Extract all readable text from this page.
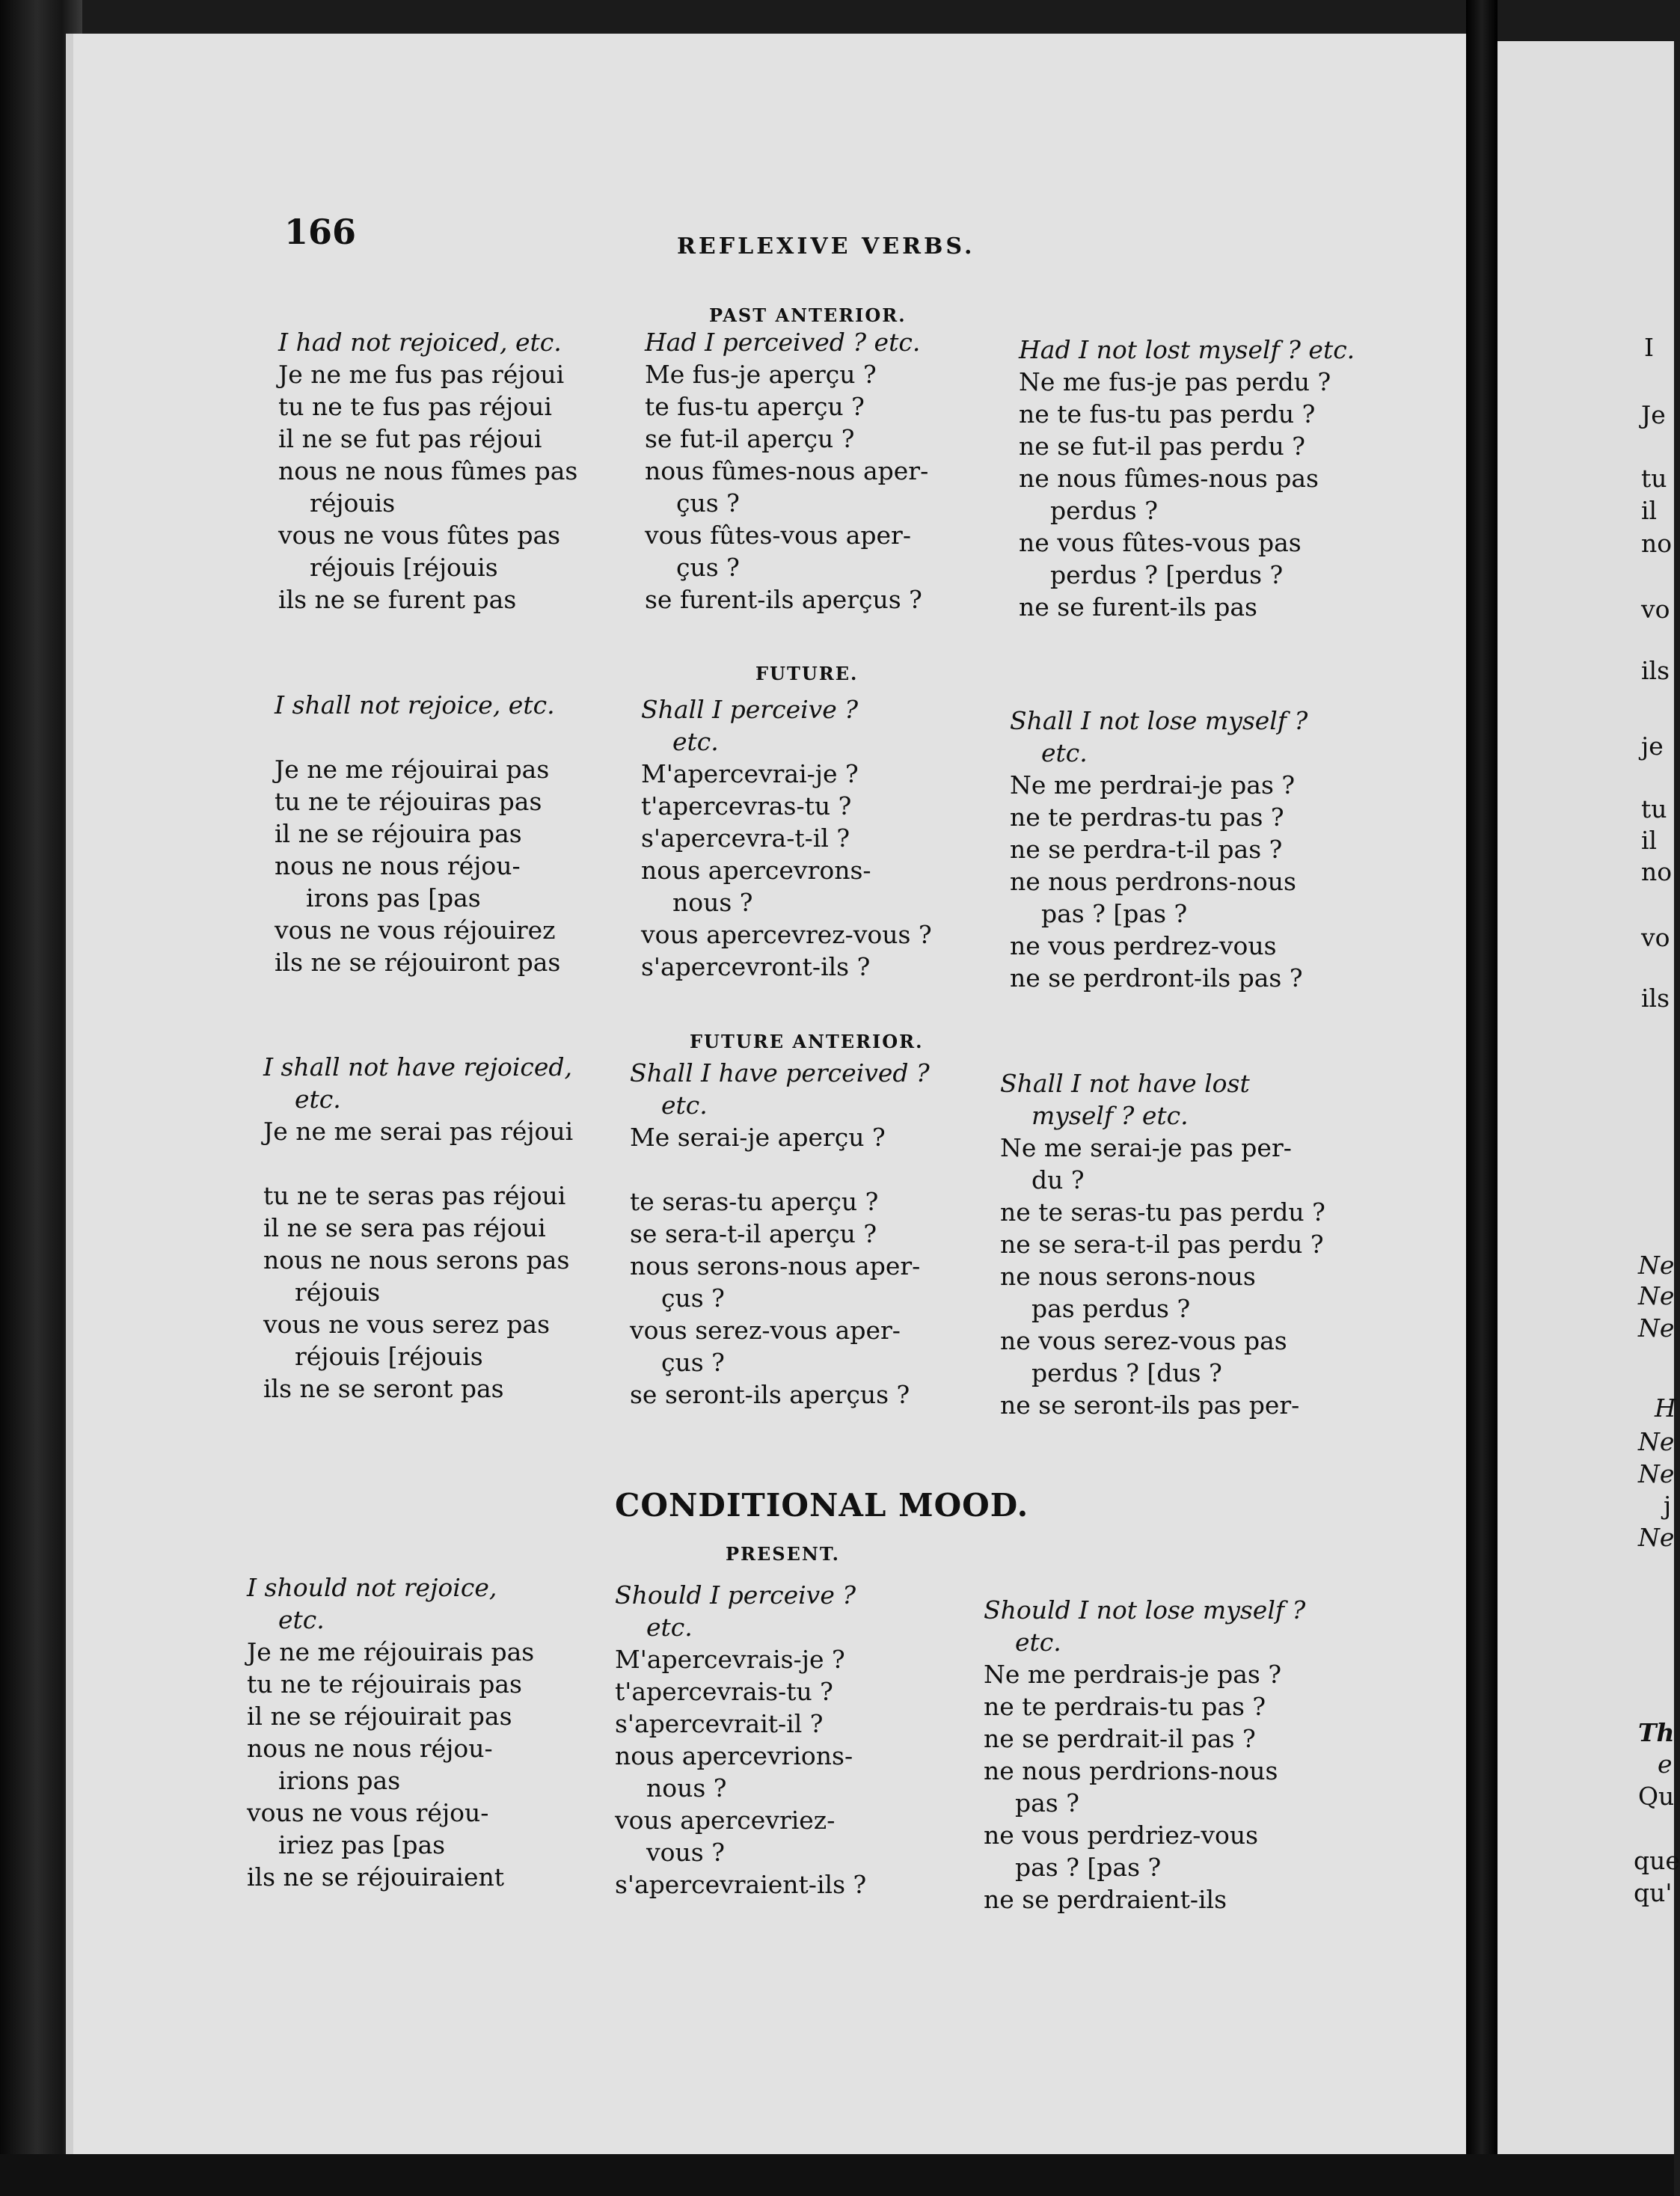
166	REFLEXIVE VERBS.
PAST ANTERIOR.
FUTURE.
FUTURE ANTERIOR.
CONDITIONAL MOOD.
PRESENT.
I had not rejoiced, etc.
Je ne me fus pas réjoui
tu ne te fus pas réjoui
il ne se fut pas réjoui
nous ne nous fûmes pas
réjouis
vous ne vous fûtes pas
réjouis [réjouis
ils ne se furent pas
Had I perceived ? etc.
Me fus-je aperçu ?
te fus-tu aperçu ?
se fut-il aperçu ?
nous fûmes-nous aper-
çus ?
vous fûtes-vous aper-
çus ?
se furent-ils aperçus ?
Had I not lost myself ? etc.
Ne me fus-je pas perdu ?
ne te fus-tu pas perdu ?
ne se fut-il pas perdu ?
ne nous fûmes-nous pas
perdus ?
ne vous fûtes-vous pas
perdus ? [perdus ?
ne se furent-ils pas
I shall not rejoice, etc.
Je ne me réjouirai pas
tu ne te réjouiras pas
il ne se réjouira pas
nous ne nous réjou-
irons pas [pas
vous ne vous réjouirez
ils ne se réjouiront pas
Shall I perceive ?
etc.
M'apercevrai-je ?
t'apercevras-tu ?
s'apercevra-t-il ?
nous apercevrons-
nous ?
vous apercevrez-vous ?
s'apercevront-ils ?
Shall I not lose myself ?
etc.
Ne me perdrai-je pas ?
ne te perdras-tu pas ?
ne se perdra-t-il pas ?
ne nous perdrons-nous
pas ? [pas ?
ne vous perdrez-vous
ne se perdront-ils pas ?
I shall not have rejoiced,
etc.
Je ne me serai pas réjoui
tu ne te seras pas réjoui
il ne se sera pas réjoui
nous ne nous serons pas
réjouis
vous ne vous serez pas
réjouis [réjouis
ils ne se seront pas
Shall I have perceived ?
etc.
Me serai-je aperçu ?
te seras-tu aperçu ?
se sera-t-il aperçu ?
nous serons-nous aper-
çus ?
vous serez-vous aper-
çus ?
se seront-ils aperçus ?
Shall I not have lost
myself ? etc.
Ne me serai-je pas per-
du ?
ne te seras-tu pas perdu ?
ne se sera-t-il pas perdu ?
ne nous serons-nous
pas perdus ?
ne vous serez-vous pas
perdus ? [dus ?
ne se seront-ils pas per-
I should not rejoice,
etc.
Je ne me réjouirais pas
tu ne te réjouirais pas
il ne se réjouirait pas
nous ne nous réjou-
irions pas
vous ne vous réjou-
iriez pas [pas
ils ne se réjouiraient
Should I perceive ?
etc.
M'apercevrais-je ?
t'apercevrais-tu ?
s'apercevrait-il ?
nous apercevrions-
nous ?
vous apercevriez-
vous ?
s'apercevraient-ils ?
Should I not lose myself ?
etc.
Ne me perdrais-je pas ?
ne te perdrais-tu pas ?
ne se perdrait-il pas ?
ne nous perdrions-nous
pas ?
ne vous perdriez-vous
pas ? [pas ?
ne se perdraient-ils
I
Je
tu
il
no
vo
ils
je
tu
il
no
vo
ils
Ne
Ne
Ne
H
Ne
Ne
j
Ne
Th
e
Qu
que
qu'
